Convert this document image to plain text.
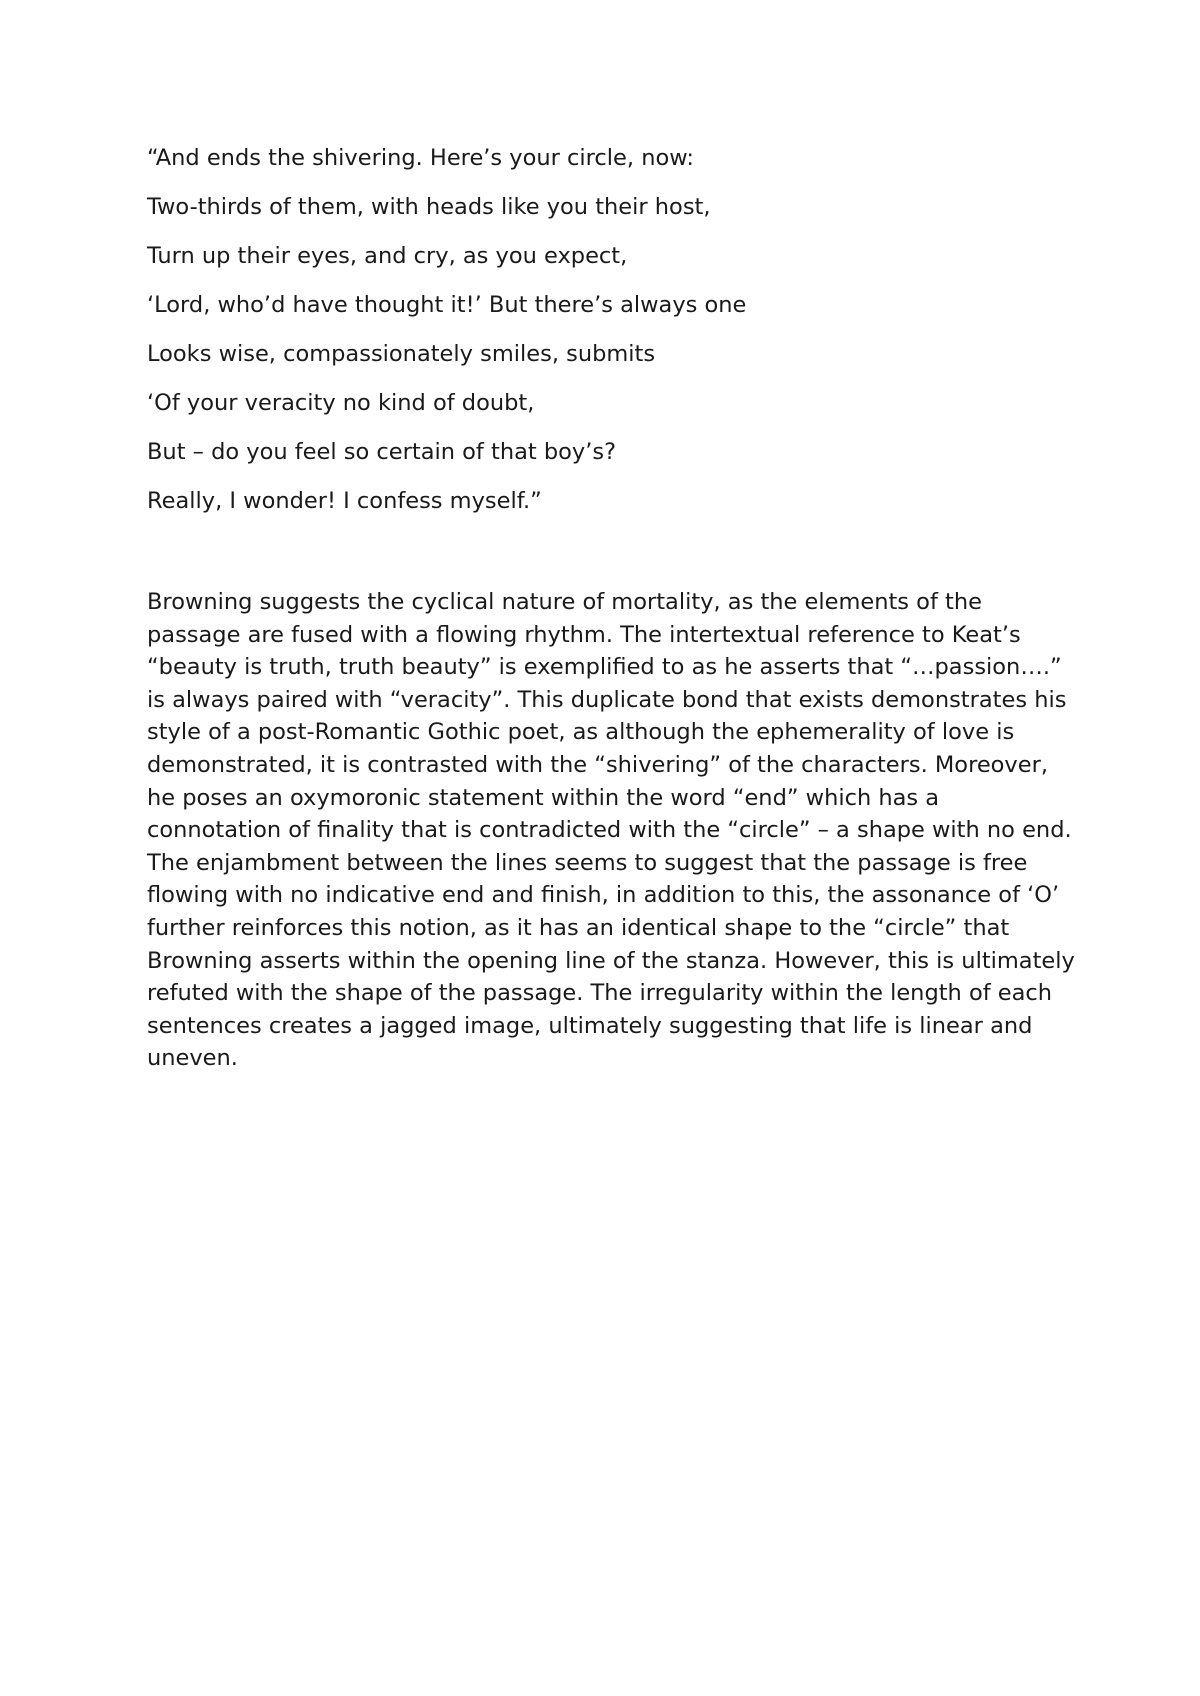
“And ends the shivering. Here’s your circle, now:
Two-thirds of them, with heads like you their host,
Turn up their eyes, and cry, as you expect,
‘Lord, who’d have thought it!’ But there’s always one
Looks wise, compassionately smiles, submits
‘Of your veracity no kind of doubt,
But – do you feel so certain of that boy’s?
Really, I wonder! I confess myself.”

Browning suggests the cyclical nature of mortality, as the elements of the passage are fused with a flowing rhythm. The intertextual reference to Keat’s “beauty is truth, truth beauty” is exemplified to as he asserts that “…passion….” is always paired with “veracity”. This duplicate bond that exists demonstrates his style of a post-Romantic Gothic poet, as although the ephemerality of love is demonstrated, it is contrasted with the “shivering” of the characters. Moreover, he poses an oxymoronic statement within the word “end” which has a connotation of finality that is contradicted with the “circle” – a shape with no end. The enjambment between the lines seems to suggest that the passage is free flowing with no indicative end and finish, in addition to this, the assonance of ‘O’ further reinforces this notion, as it has an identical shape to the “circle” that Browning asserts within the opening line of the stanza. However, this is ultimately refuted with the shape of the passage. The irregularity within the length of each sentences creates a jagged image, ultimately suggesting that life is linear and uneven.
